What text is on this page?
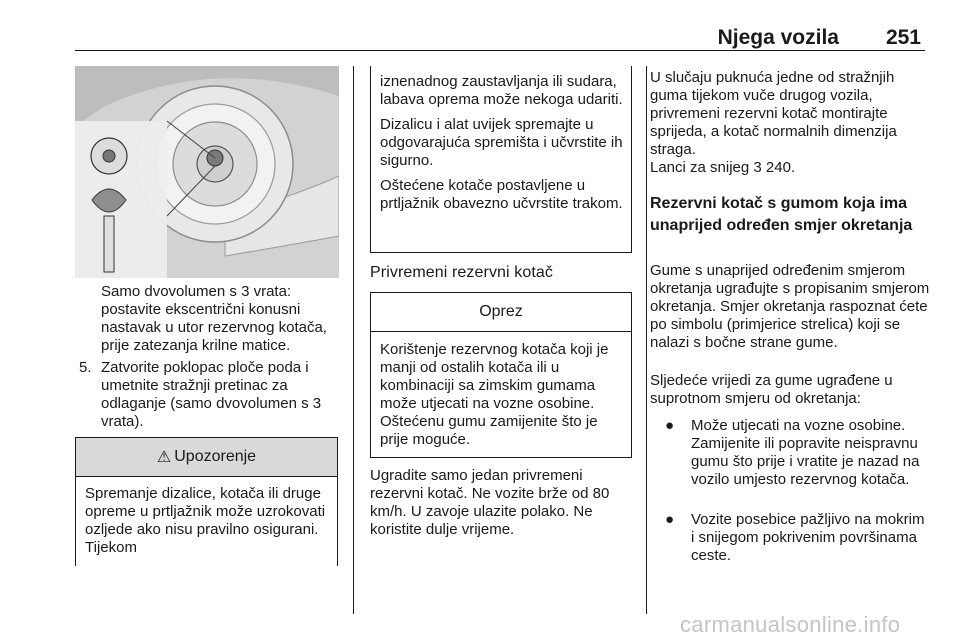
Njega vozila 251
Samo dvovolumen s 3 vrata: postavite ekscentrični konusni nastavak u utor rezervnog kotača, prije zatezanja krilne matice.
5. Zatvorite poklopac ploče poda i umetnite stražnji pretinac za odlaganje (samo dvovolumen s 3 vrata).
⚠ Upozorenje
Spremanje dizalice, kotača ili druge opreme u prtljažnik može uzrokovati ozljede ako nisu pravilno osigurani. Tijekom

iznenadnog zaustavljanja ili sudara, labava oprema može nekoga udariti.

Dizalicu i alat uvijek spremajte u odgovarajuća spremišta i učvrstite ih sigurno.

Oštećene kotače postavljene u prtljažnik obavezno učvrstite trakom.

Privremeni rezervni kotač
Oprez
Korištenje rezervnog kotača koji je manji od ostalih kotača ili u kombinaciji sa zimskim gumama može utjecati na vozne osobine. Oštećenu gumu zamijenite što je prije moguće.
Ugradite samo jedan privremeni rezervni kotač. Ne vozite brže od 80 km/h. U zavoje ulazite polako. Ne koristite dulje vrijeme.
U slučaju puknuća jedne od stražnjih guma tijekom vuče drugog vozila, privremeni rezervni kotač montirajte sprijeda, a kotač normalnih dimenzija straga.
Lanci za snijeg 3 240.
Rezervni kotač s gumom koja ima unaprijed određen smjer okretanja
Gume s unaprijed određenim smjerom okretanja ugrađujte s propisanim smjerom okretanja. Smjer okretanja raspoznat ćete po simbolu (primjerice strelica) koji se nalazi s bočne strane gume.
Sljedeće vrijedi za gume ugrađene u suprotnom smjeru od okretanja:
● Može utjecati na vozne osobine. Zamijenite ili popravite neispravnu gumu što prije i vratite je nazad na vozilo umjesto rezervnog kotača.
● Vozite posebice pažljivo na mokrim i snijegom pokrivenim površinama ceste.
carmanualsonline.info
